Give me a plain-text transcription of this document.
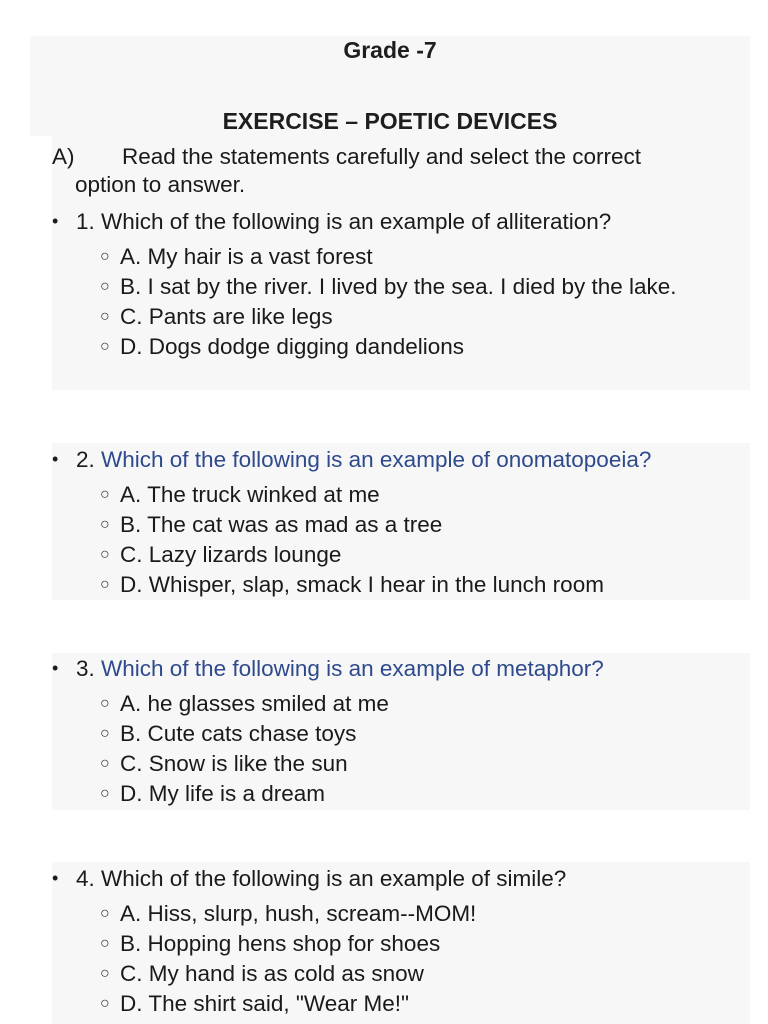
Grade -7
EXERCISE – POETIC DEVICES
A) Read the statements carefully and select the correct
option to answer.
• 1. Which of the following is an example of alliteration?
○ A. My hair is a vast forest
○ B. I sat by the river. I lived by the sea. I died by the lake.
○ C. Pants are like legs
○ D. Dogs dodge digging dandelions
• 2. Which of the following is an example of onomatopoeia?
○ A. The truck winked at me
○ B. The cat was as mad as a tree
○ C. Lazy lizards lounge
○ D. Whisper, slap, smack I hear in the lunch room
• 3. Which of the following is an example of metaphor?
○ A. he glasses smiled at me
○ B. Cute cats chase toys
○ C. Snow is like the sun
○ D. My life is a dream
• 4. Which of the following is an example of simile?
○ A. Hiss, slurp, hush, scream--MOM!
○ B. Hopping hens shop for shoes
○ C. My hand is as cold as snow
○ D. The shirt said, "Wear Me!"
